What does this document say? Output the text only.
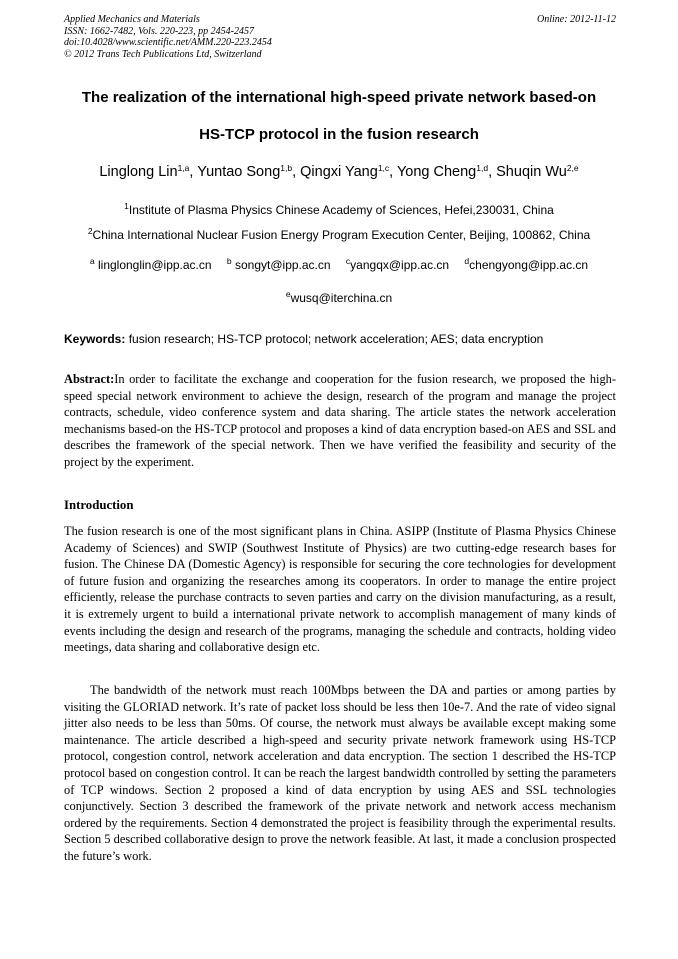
Applied Mechanics and Materials
ISSN: 1662-7482, Vols. 220-223, pp 2454-2457
doi:10.4028/www.scientific.net/AMM.220-223.2454
© 2012 Trans Tech Publications Ltd, Switzerland
Online: 2012-11-12
The realization of the international high-speed private network based-on
HS-TCP protocol in the fusion research
Linglong Lin$^{1,a}$, Yuntao Song$^{1,b}$, Qingxi Yang$^{1,c}$, Yong Cheng$^{1,d}$, Shuqin Wu$^{2,e}$
$^1$Institute of Plasma Physics Chinese Academy of Sciences, Hefei,230031, China
$^2$China International Nuclear Fusion Energy Program Execution Center, Beijing, 100862, China
$^a$ linglonglin@ipp.ac.cn $^b$ songyt@ipp.ac.cn $^c$yangqx@ipp.ac.cn $^d$chengyong@ipp.ac.cn
$^e$wusq@iterchina.cn
Keywords: fusion research; HS-TCP protocol; network acceleration; AES; data encryption
Abstract:In order to facilitate the exchange and cooperation for the fusion research, we proposed the high-speed special network environment to achieve the design, research of the program and manage the project contracts, schedule, video conference system and data sharing. The article states the network acceleration mechanisms based-on the HS-TCP protocol and proposes a kind of data encryption based-on AES and SSL and describes the framework of the special network. Then we have verified the feasibility and security of the project by the experiment.
Introduction
The fusion research is one of the most significant plans in China. ASIPP (Institute of Plasma Physics Chinese Academy of Sciences) and SWIP (Southwest Institute of Physics) are two cutting-edge research bases for fusion. The Chinese DA (Domestic Agency) is responsible for securing the core technologies for development of future fusion and organizing the researches among its cooperators. In order to manage the entire project efficiently, release the purchase contracts to seven parties and carry on the division manufacturing, as a result, it is extremely urgent to build a international private network to accomplish management of many kinds of events including the design and research of the programs, managing the schedule and contracts, holding video meetings, data sharing and collaborative design etc.
The bandwidth of the network must reach 100Mbps between the DA and parties or among parties by visiting the GLORIAD network. It’s rate of packet loss should be less then 10e-7. And the rate of video signal jitter also needs to be less than 50ms. Of course, the network must always be available except making some maintenance. The article described a high-speed and security private network framework using HS-TCP protocol, congestion control, network acceleration and data encryption. The section 1 described the HS-TCP protocol based on congestion control. It can be reach the largest bandwidth controlled by setting the parameters of TCP windows. Section 2 proposed a kind of data encryption by using AES and SSL technologies conjunctively. Section 3 described the framework of the private network and network access mechanism ordered by the requirements. Section 4 demonstrated the project is feasibility through the experimental results. Section 5 described collaborative design to prove the network feasible. At last, it made a conclusion prospected the future’s work.
